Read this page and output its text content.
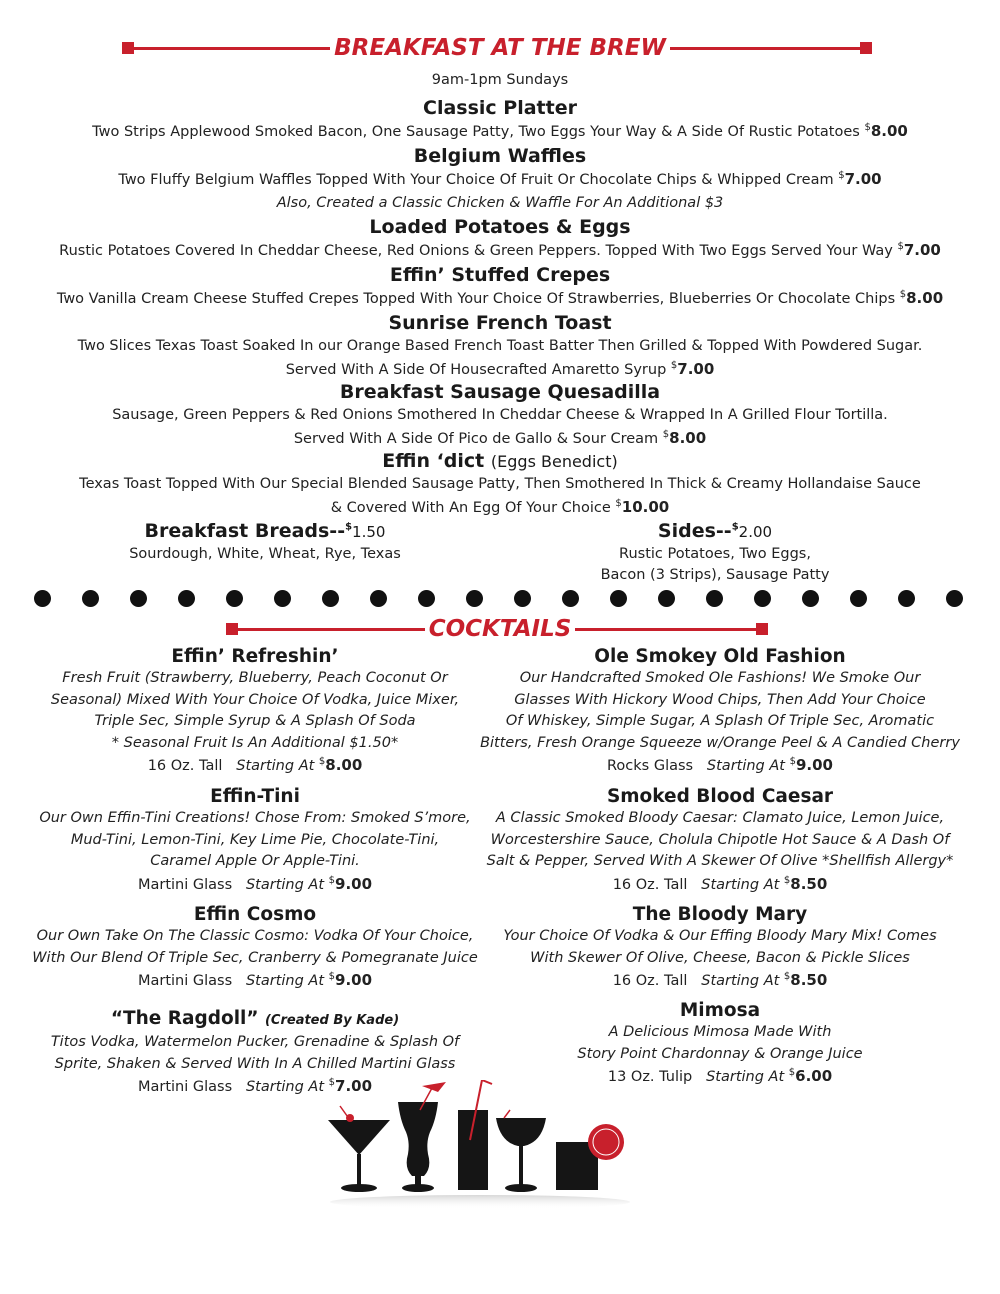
BREAKFAST AT THE BREW
9am-1pm Sundays
Classic Platter
Two Strips Applewood Smoked Bacon, One Sausage Patty, Two Eggs Your Way & A Side Of Rustic Potatoes $8.00
Belgium Waffles
Two Fluffy Belgium Waffles Topped With Your Choice Of Fruit Or Chocolate Chips & Whipped Cream $7.00
Also, Created a Classic Chicken & Waffle For An Additional $3
Loaded Potatoes & Eggs
Rustic Potatoes Covered In Cheddar Cheese, Red Onions & Green Peppers. Topped With Two Eggs Served Your Way $7.00
Effin’ Stuffed Crepes
Two Vanilla Cream Cheese Stuffed Crepes Topped With Your Choice Of Strawberries, Blueberries Or Chocolate Chips $8.00
Sunrise French Toast
Two Slices Texas Toast Soaked In our Orange Based French Toast Batter Then Grilled & Topped With Powdered Sugar.
Served With A Side Of Housecrafted Amaretto Syrup $7.00
Breakfast Sausage Quesadilla
Sausage, Green Peppers & Red Onions Smothered In Cheddar Cheese & Wrapped In A Grilled Flour Tortilla.
Served With A Side Of Pico de Gallo & Sour Cream $8.00
Effin ‘dict (Eggs Benedict)
Texas Toast Topped With Our Special Blended Sausage Patty, Then Smothered In Thick & Creamy Hollandaise Sauce
& Covered With An Egg Of Your Choice $10.00
Breakfast Breads--$1.50
Sourdough, White, Wheat, Rye, Texas
Sides--$2.00
Rustic Potatoes, Two Eggs,
Bacon (3 Strips), Sausage Patty
COCKTAILS
Effin’ Refreshin’
Fresh Fruit (Strawberry, Blueberry, Peach Coconut Or
Seasonal) Mixed With Your Choice Of Vodka, Juice Mixer,
Triple Sec, Simple Syrup & A Splash Of Soda
* Seasonal Fruit Is An Additional $1.50*
16 Oz. Tall Starting At $8.00
Effin-Tini
Our Own Effin-Tini Creations! Chose From: Smoked S’more,
Mud-Tini, Lemon-Tini, Key Lime Pie, Chocolate-Tini,
Caramel Apple Or Apple-Tini.
Martini Glass Starting At $9.00
Effin Cosmo
Our Own Take On The Classic Cosmo: Vodka Of Your Choice,
With Our Blend Of Triple Sec, Cranberry & Pomegranate Juice
Martini Glass Starting At $9.00
“The Ragdoll” (Created By Kade)
Titos Vodka, Watermelon Pucker, Grenadine & Splash Of
Sprite, Shaken & Served With In A Chilled Martini Glass
Martini Glass Starting At $7.00
Ole Smokey Old Fashion
Our Handcrafted Smoked Ole Fashions! We Smoke Our
Glasses With Hickory Wood Chips, Then Add Your Choice
Of Whiskey, Simple Sugar, A Splash Of Triple Sec, Aromatic
Bitters, Fresh Orange Squeeze w/Orange Peel & A Candied Cherry
Rocks Glass Starting At $9.00
Smoked Blood Caesar
A Classic Smoked Bloody Caesar: Clamato Juice, Lemon Juice,
Worcestershire Sauce, Cholula Chipotle Hot Sauce & A Dash Of
Salt & Pepper, Served With A Skewer Of Olive *Shellfish Allergy*
16 Oz. Tall Starting At $8.50
The Bloody Mary
Your Choice Of Vodka & Our Effing Bloody Mary Mix! Comes
With Skewer Of Olive, Cheese, Bacon & Pickle Slices
16 Oz. Tall Starting At $8.50
Mimosa
A Delicious Mimosa Made With
Story Point Chardonnay & Orange Juice
13 Oz. Tulip Starting At $6.00
